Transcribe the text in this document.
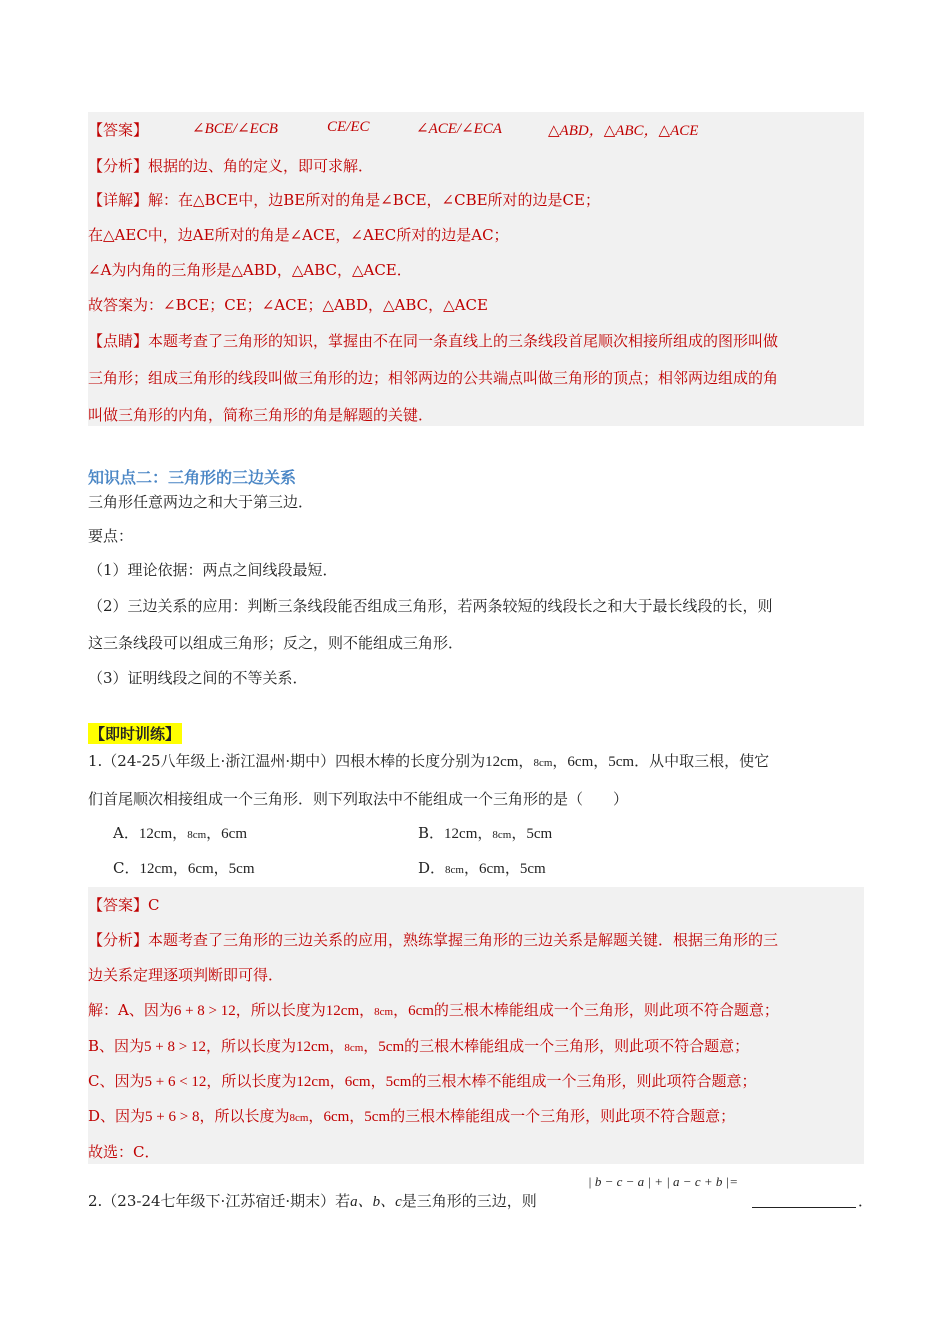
【答案】	∠BCE/∠ECB	CE/EC	∠ACE/∠ECA	△ABD，△ABC，△ACE
【分析】根据的边、角的定义，即可求解．
【详解】解：在△BCE中，边BE所对的角是∠BCE，∠CBE所对的边是CE；
在△AEC中，边AE所对的角是∠ACE，∠AEC所对的边是AC；
∠A为内角的三角形是△ABD，△ABC，△ACE．
故答案为：∠BCE；CE；∠ACE；△ABD，△ABC，△ACE
【点睛】本题考查了三角形的知识，掌握由不在同一条直线上的三条线段首尾顺次相接所组成的图形叫做
三角形；组成三角形的线段叫做三角形的边；相邻两边的公共端点叫做三角形的顶点；相邻两边组成的角
叫做三角形的内角，简称三角形的角是解题的关键．
知识点二：三角形的三边关系
三角形任意两边之和大于第三边．
要点：
（1）理论依据：两点之间线段最短．
（2）三边关系的应用：判断三条线段能否组成三角形，若两条较短的线段长之和大于最长线段的长，则
这三条线段可以组成三角形；反之，则不能组成三角形．
（3）证明线段之间的不等关系．
【即时训练】
1.（24-25八年级上·浙江温州·期中）四根木棒的长度分别为12cm，8cm，6cm，5cm．从中取三根，使它
们首尾顺次相接组成一个三角形．则下列取法中不能组成一个三角形的是（　　）
A．12cm，8cm，6cm	B．12cm，8cm，5cm
C．12cm，6cm，5cm	D．8cm，6cm，5cm
【答案】C
【分析】本题考查了三角形的三边关系的应用，熟练掌握三角形的三边关系是解题关键．根据三角形的三
边关系定理逐项判断即可得．
解：A、因为6 + 8 > 12，所以长度为12cm，8cm，6cm的三根木棒能组成一个三角形，则此项不符合题意；
B、因为5 + 8 > 12，所以长度为12cm，8cm，5cm的三根木棒能组成一个三角形，则此项不符合题意；
C、因为5 + 6 < 12，所以长度为12cm，6cm，5cm的三根木棒不能组成一个三角形，则此项符合题意；
D、因为5 + 6 > 8，所以长度为8cm，6cm，5cm的三根木棒能组成一个三角形，则此项不符合题意；
故选：C．
2.（23-24七年级下·江苏宿迁·期末）若a、b、c是三角形的三边，则
| b − c − a | + | a − c + b |=
．
